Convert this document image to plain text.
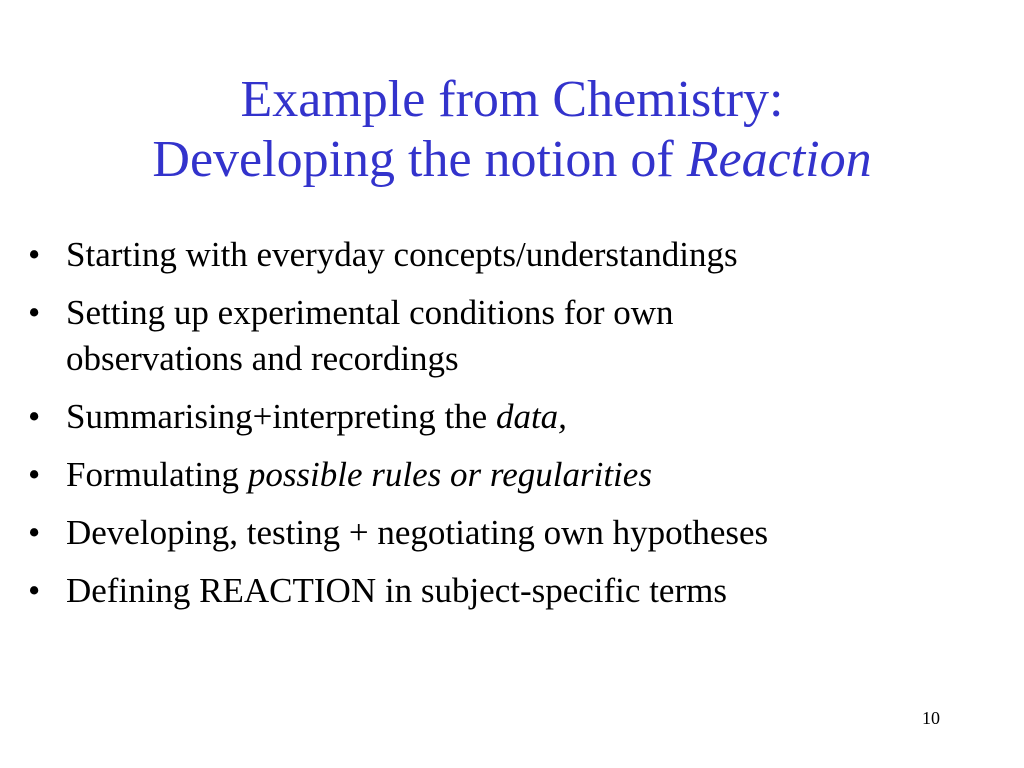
Example from Chemistry:
Developing the notion of Reaction
• Starting with everyday concepts/understandings
• Setting up experimental conditions for own
observations and recordings
• Summarising+interpreting the data,
• Formulating possible rules or regularities
• Developing, testing + negotiating own hypotheses
• Defining REACTION in subject-specific terms
10
